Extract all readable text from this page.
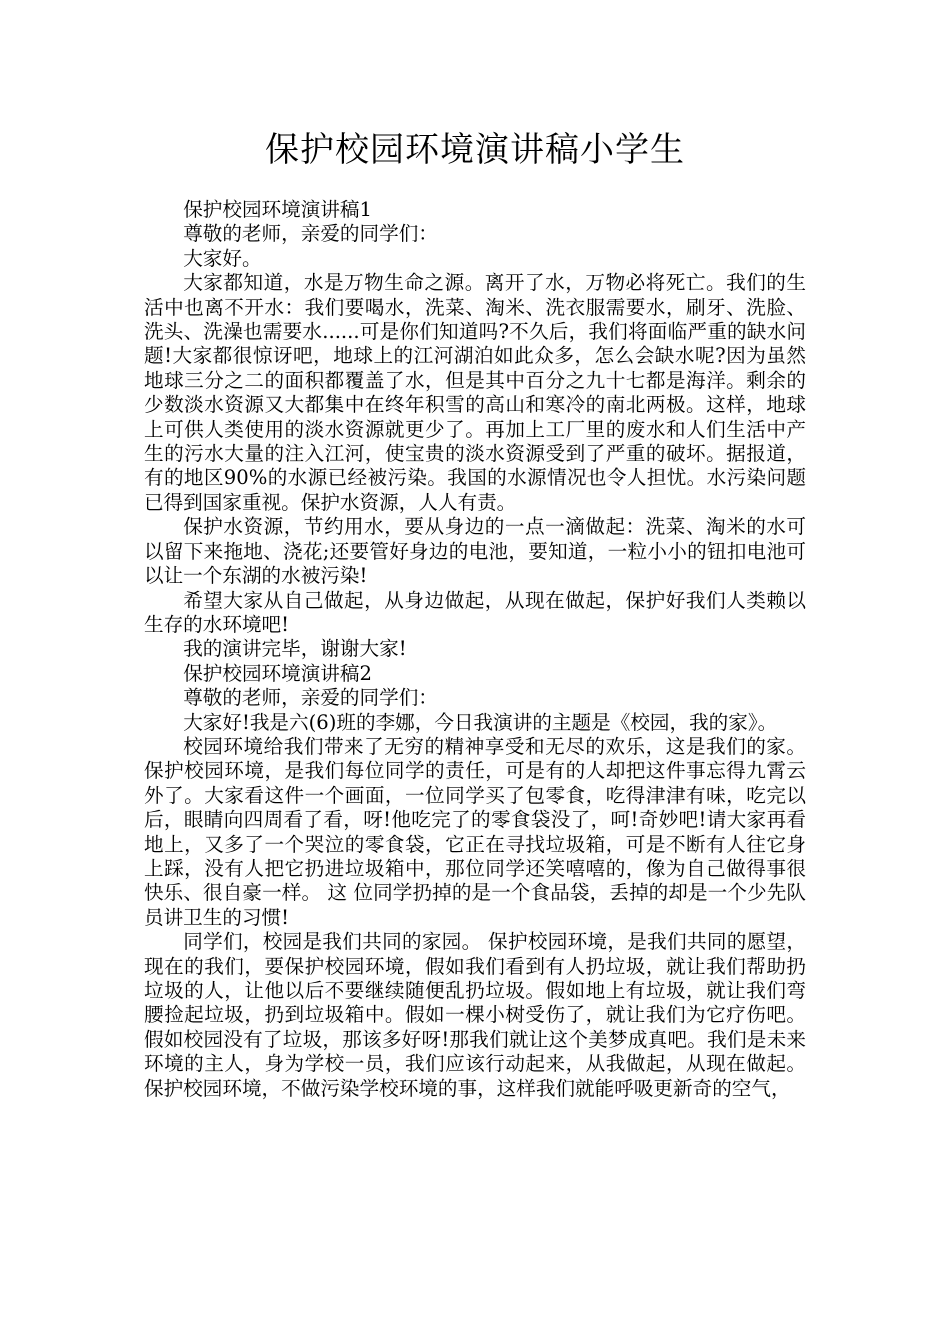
保护校园环境演讲稿小学生

保护校园环境演讲稿1

尊敬的老师，亲爱的同学们：

大家好。

大家都知道，水是万物生命之源。离开了水，万物必将死亡。我们的生活中也离不开水：我们要喝水，洗菜、淘米、洗衣服需要水，刷牙、洗脸、洗头、洗澡也需要水......可是你们知道吗?不久后，我们将面临严重的缺水问题!大家都很惊讶吧，地球上的江河湖泊如此众多，怎么会缺水呢?因为虽然地球三分之二的面积都覆盖了水，但是其中百分之九十七都是海洋。剩余的少数淡水资源又大都集中在终年积雪的高山和寒冷的南北两极。这样，地球上可供人类使用的淡水资源就更少了。再加上工厂里的废水和人们生活中产生的污水大量的注入江河，使宝贵的淡水资源受到了严重的破坏。据报道，有的地区90%的水源已经被污染。我国的水源情况也令人担忧。水污染问题已得到国家重视。保护水资源，人人有责。

保护水资源，节约用水，要从身边的一点一滴做起：洗菜、淘米的水可以留下来拖地、浇花;还要管好身边的电池，要知道，一粒小小的钮扣电池可以让一个东湖的水被污染!

希望大家从自己做起，从身边做起，从现在做起，保护好我们人类赖以生存的水环境吧!

我的演讲完毕，谢谢大家!

保护校园环境演讲稿2

尊敬的老师，亲爱的同学们：

大家好!我是六(6)班的李娜，今日我演讲的主题是《校园，我的家》。

校园环境给我们带来了无穷的精神享受和无尽的欢乐，这是我们的家。保护校园环境，是我们每位同学的责任，可是有的人却把这件事忘得九霄云外了。大家看这件一个画面，一位同学买了包零食，吃得津津有味，吃完以后，眼睛向四周看了看，呀!他吃完了的零食袋没了，呵!奇妙吧!请大家再看地上，又多了一个哭泣的零食袋，它正在寻找垃圾箱，可是不断有人往它身上踩，没有人把它扔进垃圾箱中，那位同学还笑嘻嘻的，像为自己做得事很快乐、很自豪一样。 这 位同学扔掉的是一个食品袋，丢掉的却是一个少先队员讲卫生的习惯!

同学们，校园是我们共同的家园。 保护校园环境，是我们共同的愿望，现在的我们，要保护校园环境，假如我们看到有人扔垃圾，就让我们帮助扔垃圾的人，让他以后不要继续随便乱扔垃圾。假如地上有垃圾，就让我们弯腰捡起垃圾，扔到垃圾箱中。假如一棵小树受伤了，就让我们为它疗伤吧。假如校园没有了垃圾，那该多好呀!那我们就让这个美梦成真吧。我们是未来环境的主人，身为学校一员，我们应该行动起来，从我做起，从现在做起。保护校园环境，不做污染学校环境的事，这样我们就能呼吸更新奇的空气，
